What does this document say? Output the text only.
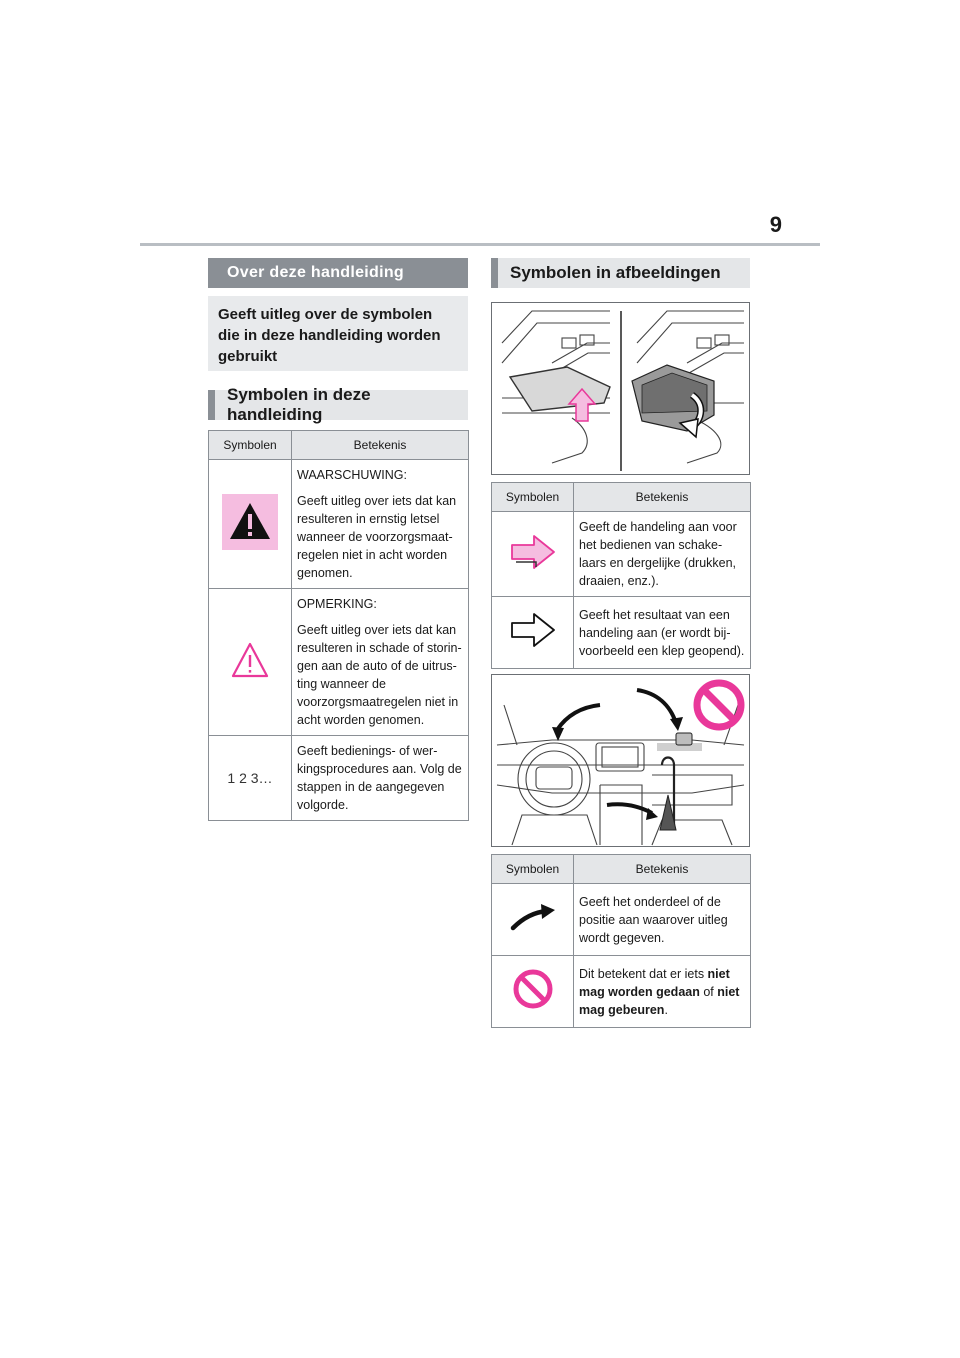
9
Over deze handleiding
Geeft uitleg over de symbolen die in deze handleiding worden gebruikt
Symbolen in deze handleiding
Symbolen	Betekenis

WAARSCHUWING:

Geeft uitleg over iets dat kan resulteren in ernstig letsel wanneer de voorzorgsmaat-regelen niet in acht worden genomen.

OPMERKING:

Geeft uitleg over iets dat kan resulteren in schade of storin-gen aan de auto of de uitrus-ting wanneer de voorzorgsmaatregelen niet in acht worden genomen.

1 2 3…	Geeft bedienings- of wer-kingsprocedures aan. Volg de stappen in de aangegeven volgorde.

Symbolen in afbeeldingen
Symbolen	Betekenis

Geeft de handeling aan voor het bedienen van schake-laars en dergelijke (drukken, draaien, enz.).

Geeft het resultaat van een handeling aan (er wordt bij-voorbeeld een klep geopend).

Symbolen	Betekenis

Geeft het onderdeel of de positie aan waarover uitleg wordt gegeven.

Dit betekent dat er iets niet mag worden gedaan of niet mag gebeuren.
